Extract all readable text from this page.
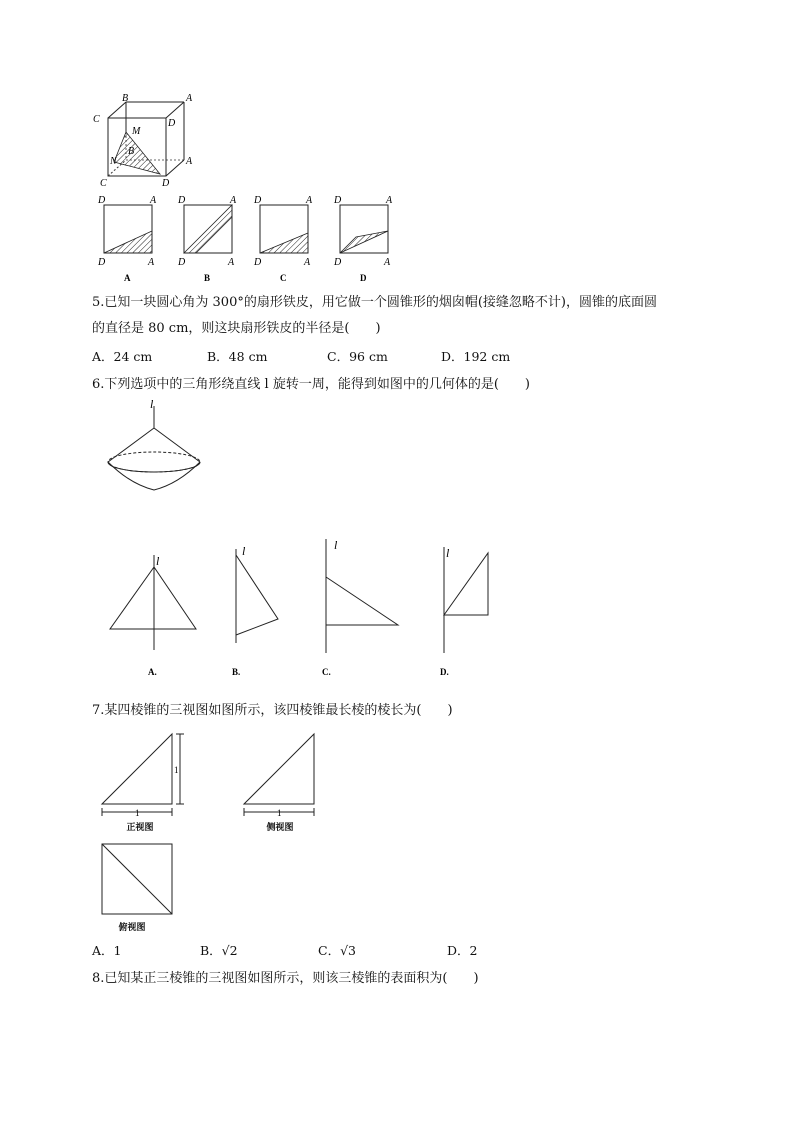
B	A
C	D
M
B
N	A
C	D
D	A
D	A
A
D	A
D	A
B
D	A
D	A
C
D	A
D	A
D
5.已知一块圆心角为 300°的扇形铁皮，用它做一个圆锥形的烟囱帽(接缝忽略不计)，圆锥的底面圆
的直径是 80 cm，则这块扇形铁皮的半径是(　　)
A．24 cm	B．48 cm	C．96 cm	D．192 cm
6.下列选项中的三角形绕直线 l 旋转一周，能得到如图中的几何体的是(　　)
l
l
A.
l
B.
l
C.
l
D.
7.某四棱锥的三视图如图所示，该四棱锥最长棱的棱长为(　　)
1
1
正视图
1
侧视图
俯视图
A．1	B．√2	C．√3	D．2
8.已知某正三棱锥的三视图如图所示，则该三棱锥的表面积为(　　)
